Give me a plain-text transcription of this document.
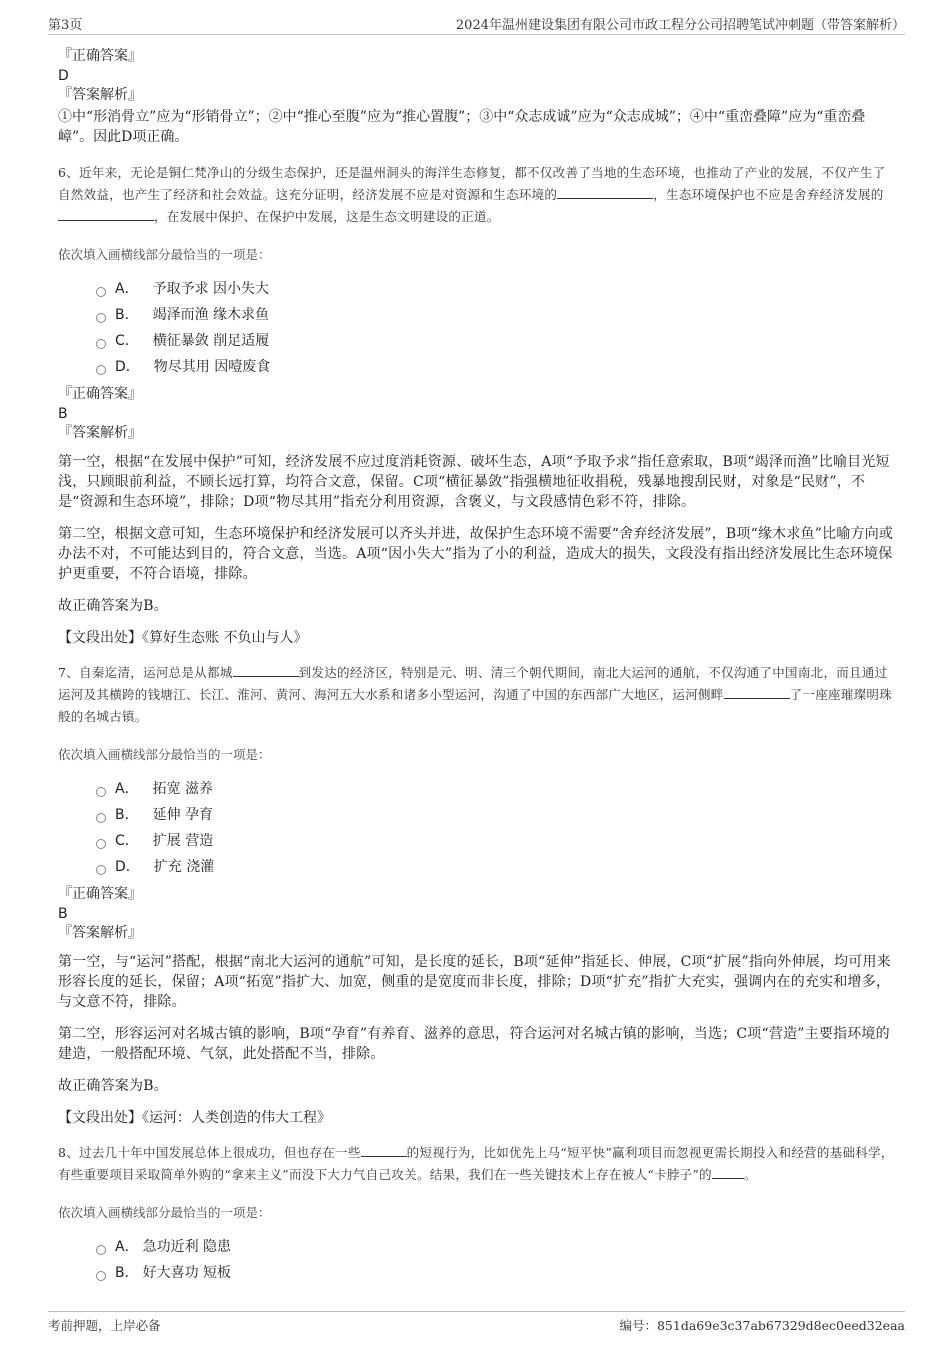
第3页	2024年温州建设集团有限公司市政工程分公司招聘笔试冲刺题（带答案解析）
『正确答案』
D
『答案解析』
①中“形消骨立”应为“形销骨立”；②中“推心至腹”应为“推心置腹”；③中“众志成诚”应为“众志成城”；④中“重峦叠障”应为“重峦叠嶂”。因此D项正确。
6、近年来，无论是铜仁梵净山的分级生态保护，还是温州洞头的海洋生态修复，都不仅改善了当地的生态环境，也推动了产业的发展，不仅产生了自然效益，也产生了经济和社会效益。这充分证明，经济发展不应是对资源和生态环境的	，生态环境保护也不应是舍弃经济发展的，在发展中保护、在保护中发展，这是生态文明建设的正道。
依次填入画横线部分最恰当的一项是：
A． 予取予求 因小失大
B． 竭泽而渔 缘木求鱼
C． 横征暴敛 削足适履
D． 物尽其用 因噎废食
『正确答案』
B
『答案解析』

第一空，根据“在发展中保护”可知，经济发展不应过度消耗资源、破坏生态，A项“予取予求”指任意索取，B项“竭泽而渔”比喻目光短浅，只顾眼前利益，不顾长远打算，均符合文意，保留。C项“横征暴敛”指强横地征收捐税，残暴地搜刮民财，对象是“民财”，不是“资源和生态环境”，排除；D项“物尽其用”指充分利用资源，含褒义，与文段感情色彩不符，排除。

第二空，根据文意可知，生态环境保护和经济发展可以齐头并进，故保护生态环境不需要“舍弃经济发展”，B项“缘木求鱼”比喻方向或办法不对，不可能达到目的，符合文意，当选。A项“因小失大”指为了小的利益，造成大的损失，文段没有指出经济发展比生态环境保护更重要，不符合语境，排除。

故正确答案为B。

【文段出处】《算好生态账 不负山与人》
7、自秦迄清，运河总是从都城	到发达的经济区，特别是元、明、清三个朝代期间，南北大运河的通航，不仅沟通了中国南北，而且通过运河及其横跨的钱塘江、长江、淮河、黄河、海河五大水系和诸多小型运河，沟通了中国的东西部广大地区，运河侧畔	了一座座璀璨明珠般的名城古镇。
依次填入画横线部分最恰当的一项是：
A． 拓宽 滋养
B． 延伸 孕育
C． 扩展 营造
D． 扩充 浇灌
『正确答案』
B
『答案解析』

第一空，与“运河”搭配，根据“南北大运河的通航”可知，是长度的延长，B项“延伸”指延长、伸展，C项“扩展”指向外伸展，均可用来形容长度的延长，保留；A项“拓宽”指扩大、加宽，侧重的是宽度而非长度，排除；D项“扩充”指扩大充实，强调内在的充实和增多，与文意不符，排除。

第二空，形容运河对名城古镇的影响，B项“孕育”有养育、滋养的意思，符合运河对名城古镇的影响，当选；C项“营造”主要指环境的建造，一般搭配环境、气氛，此处搭配不当，排除。

故正确答案为B。

【文段出处】《运河：人类创造的伟大工程》
8、过去几十年中国发展总体上很成功，但也存在一些	的短视行为，比如优先上马“短平快”赢利项目而忽视更需长期投入和经营的基础科学，有些重要项目采取简单外购的“拿来主义”而没下大力气自己攻关。结果，我们在一些关键技术上存在被人“卡脖子”的	。
依次填入画横线部分最恰当的一项是：
A． 急功近利 隐患
B． 好大喜功 短板
考前押题，上岸必备	编号：851da69e3c37ab67329d8ec0eed32eaa
